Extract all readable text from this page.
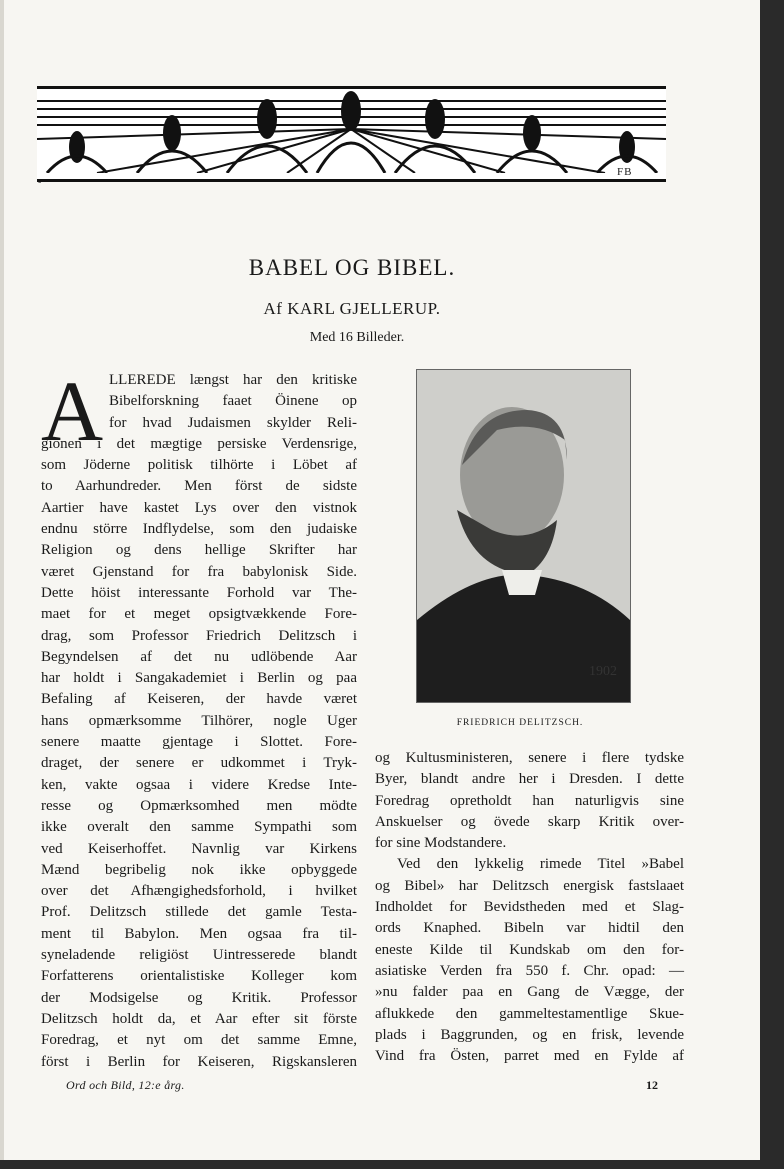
-
FB
BABEL OG BIBEL.
Af KARL GJELLERUP.
Med 16 Billeder.
1902
FRIEDRICH DELITZSCH.
A LLEREDE længst har den kritiske
Bibelforskning faaet Öinene op
for hvad Judaismen skylder Reli-
gionen i det mægtige persiske Verdensrige,
som Jöderne politisk tilhörte i Löbet af
to Aarhundreder. Men först de sidste
Aartier have kastet Lys over den vistnok
endnu större Indflydelse, som den judaiske
Religion og dens hellige Skrifter har
været Gjenstand for fra babylonisk Side.
Dette höist interessante Forhold var The-
maet for et meget opsigtvækkende Fore-
drag, som Professor Friedrich Delitzsch i
Begyndelsen af det nu udlöbende Aar
har holdt i Sangakademiet i Berlin og paa
Befaling af Keiseren, der havde været
hans opmærksomme Tilhörer, nogle Uger
senere maatte gjentage i Slottet. Fore-
draget, der senere er udkommet i Tryk-
ken, vakte ogsaa i videre Kredse Inte-
resse og Opmærksomhed men mödte
ikke overalt den samme Sympathi som
ved Keiserhoffet. Navnlig var Kirkens
Mænd begribelig nok ikke opbyggede
over det Afhængighedsforhold, i hvilket
Prof. Delitzsch stillede det gamle Testa-
ment til Babylon. Men ogsaa fra til-
syneladende religiöst Uintresserede blandt
Forfatterens orientalistiske Kolleger kom
der Modsigelse og Kritik. Professor
Delitzsch holdt da, et Aar efter sit förste
Foredrag, et nyt om det samme Emne,
först i Berlin for Keiseren, Rigskansleren
og Kultusministeren, senere i flere tydske
Byer, blandt andre her i Dresden. I dette
Foredrag opretholdt han naturligvis sine
Anskuelser og övede skarp Kritik over-
for sine Modstandere.
Ved den lykkelig rimede Titel »Babel
og Bibel» har Delitzsch energisk fastslaaet
Indholdet for Bevidstheden med et Slag-
ords Knaphed. Bibeln var hidtil den
eneste Kilde til Kundskab om den for-
asiatiske Verden fra 550 f. Chr. opad: —
»nu falder paa en Gang de Vægge, der
aflukkede den gammeltestamentlige Skue-
plads i Baggrunden, og en frisk, levende
Vind fra Östen, parret med en Fylde af
Ord och Bild, 12:e årg.	12
